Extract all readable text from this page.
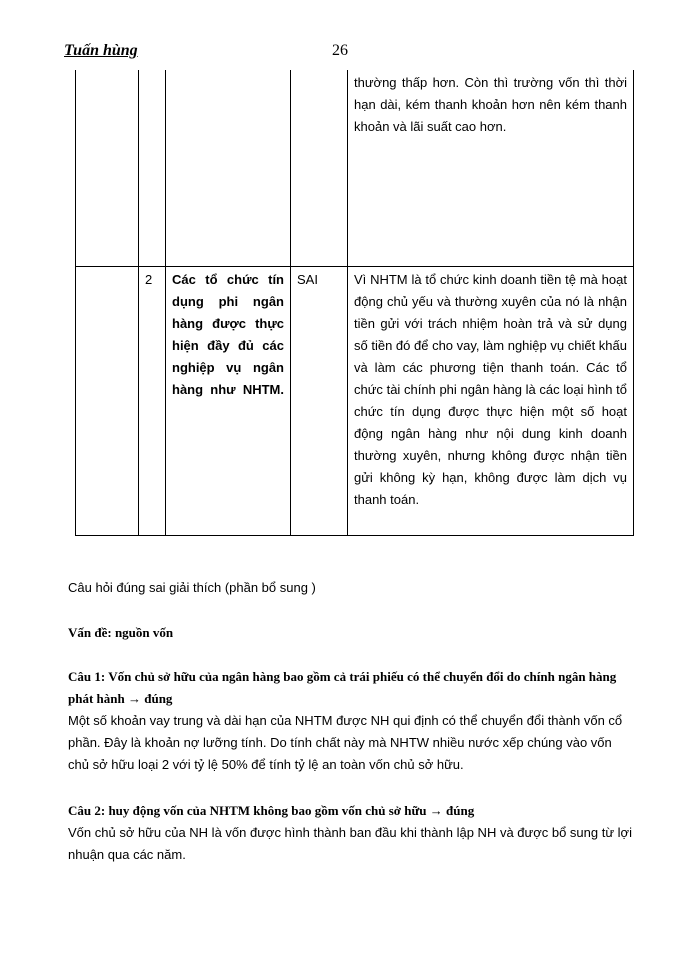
Tuấn hùng	26
				thường thấp hơn. Còn thì trường vốn thì thời hạn dài, kém thanh khoản hơn nên kém thanh khoản và lãi suất cao hơn.
	2	Các tổ chức tín dụng phi ngân hàng được thực hiện đầy đủ các nghiệp vụ ngân hàng như NHTM.	SAI	Vì NHTM là tổ chức kinh doanh tiền tệ mà hoạt động chủ yếu và thường xuyên của nó là nhận tiền gửi với trách nhiệm hoàn trả và sử dụng số tiền đó để cho vay, làm nghiệp vụ chiết khấu và làm các phương tiện thanh toán. Các tổ chức tài chính phi ngân hàng là các loại hình tổ chức tín dụng được thực hiện một số hoạt động ngân hàng như nội dung kinh doanh thường xuyên, nhưng không được nhận tiền gửi không kỳ hạn, không được làm dịch vụ thanh toán.
Câu hỏi đúng sai giải thích (phần bổ sung )
Vấn đề: nguồn vốn
Câu 1: Vốn chủ sở hữu của ngân hàng bao gồm cả trái phiếu có thể chuyển đổi do chính ngân hàng phát hành → đúng
Một số khoản vay trung và dài hạn của NHTM được NH qui định có thể chuyển đổi thành vốn cổ phần. Đây là khoản nợ lưỡng tính. Do tính chất này mà NHTW nhiều nước xếp chúng vào vốn chủ sở hữu loại 2 với tỷ lệ 50% để tính tỷ lệ an toàn vốn chủ sở hữu.
Câu 2: huy động vốn của NHTM không bao gồm vốn chủ sở hữu → đúng
Vốn chủ sở hữu của NH là vốn được hình thành ban đầu khi thành lập NH và được bổ sung từ lợi nhuận qua các năm.
